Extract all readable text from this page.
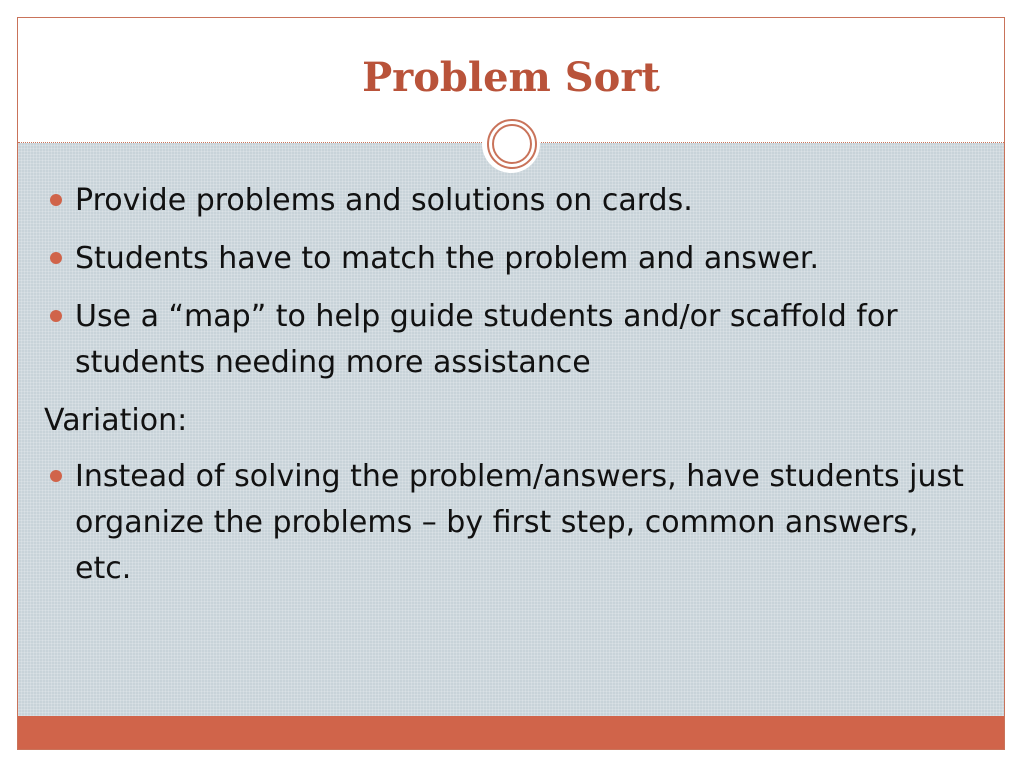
Problem Sort
Provide problems and solutions on cards.
Students have to match the problem and answer.
Use a “map” to help guide students and/or scaffold for students needing more assistance
Variation:
Instead of solving the problem/answers, have students just organize the problems – by first step, common answers, etc.
